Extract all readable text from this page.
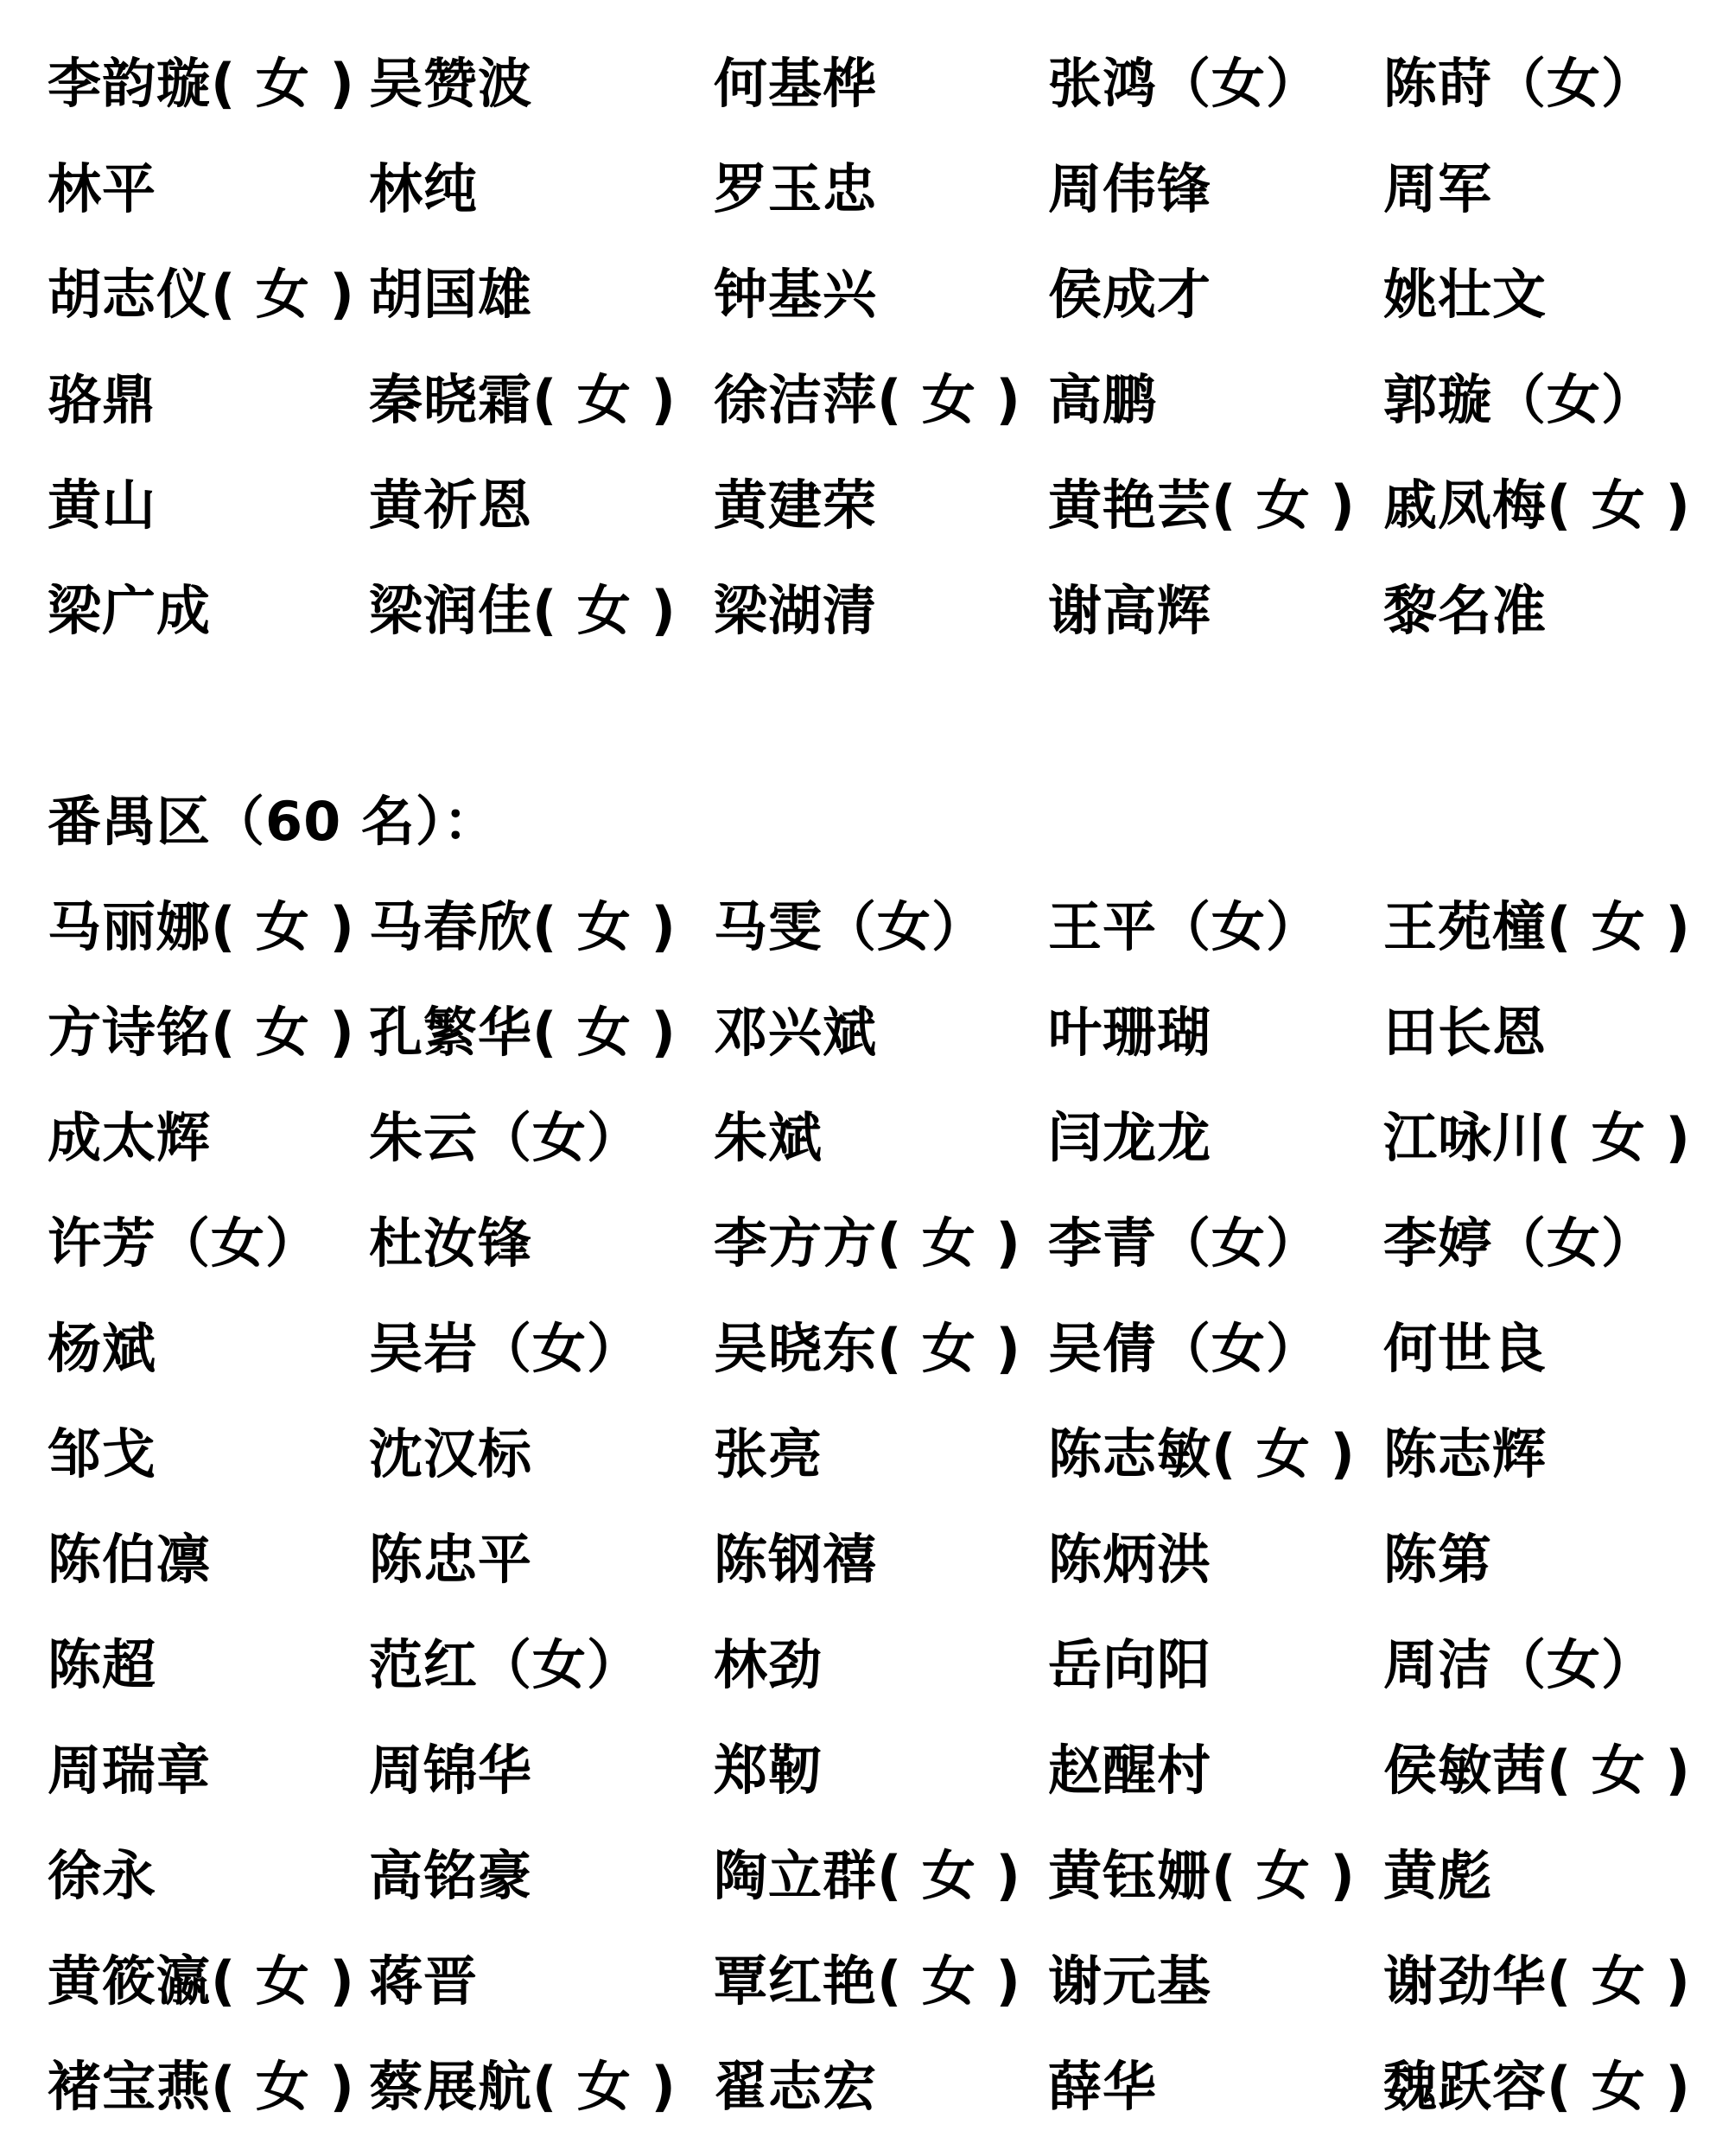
李韵璇( 女 ) 吴赞波	何基桦	张鸿（女） 陈莳（女）
林平	林纯	罗玉忠	周伟锋	周军
胡志仪( 女 ) 胡国雄	钟基兴	侯成才	姚壮文
骆鼎	秦晓霜( 女 ) 徐洁萍( 女 ) 高鹏	郭璇（女）
黄山	黄祈恩	黄建荣	黄艳芸( 女 ) 戚凤梅( 女 )
梁广成	梁润佳( 女 ) 梁湖清	谢高辉	黎名准
番禺区（60 名）：
马丽娜( 女 ) 马春欣( 女 ) 马雯（女） 王平（女） 王苑橦( 女 )
方诗铭( 女 ) 孔繁华( 女 ) 邓兴斌	叶珊瑚	田长恩
成太辉	朱云（女） 朱斌	闫龙龙	江咏川( 女 )
许芳（女） 杜汝锋	李方方( 女 ) 李青（女） 李婷（女）
杨斌	吴岩（女） 吴晓东( 女 ) 吴倩（女） 何世良
邹戈	沈汉标	张亮	陈志敏( 女 ) 陈志辉
陈伯凛	陈忠平	陈钢禧	陈炳洪	陈第
陈超	范红（女） 林劲	岳向阳	周洁（女）
周瑞章	周锦华	郑靭	赵醒村	侯敏茜( 女 )
徐永	高铭豪	陶立群( 女 ) 黄钰姗( 女 ) 黄彪
黄筱瀛( 女 ) 蒋晋	覃红艳( 女 ) 谢元基	谢劲华( 女 )
褚宝燕( 女 ) 蔡展航( 女 ) 翟志宏	薛华	魏跃容( 女 )
